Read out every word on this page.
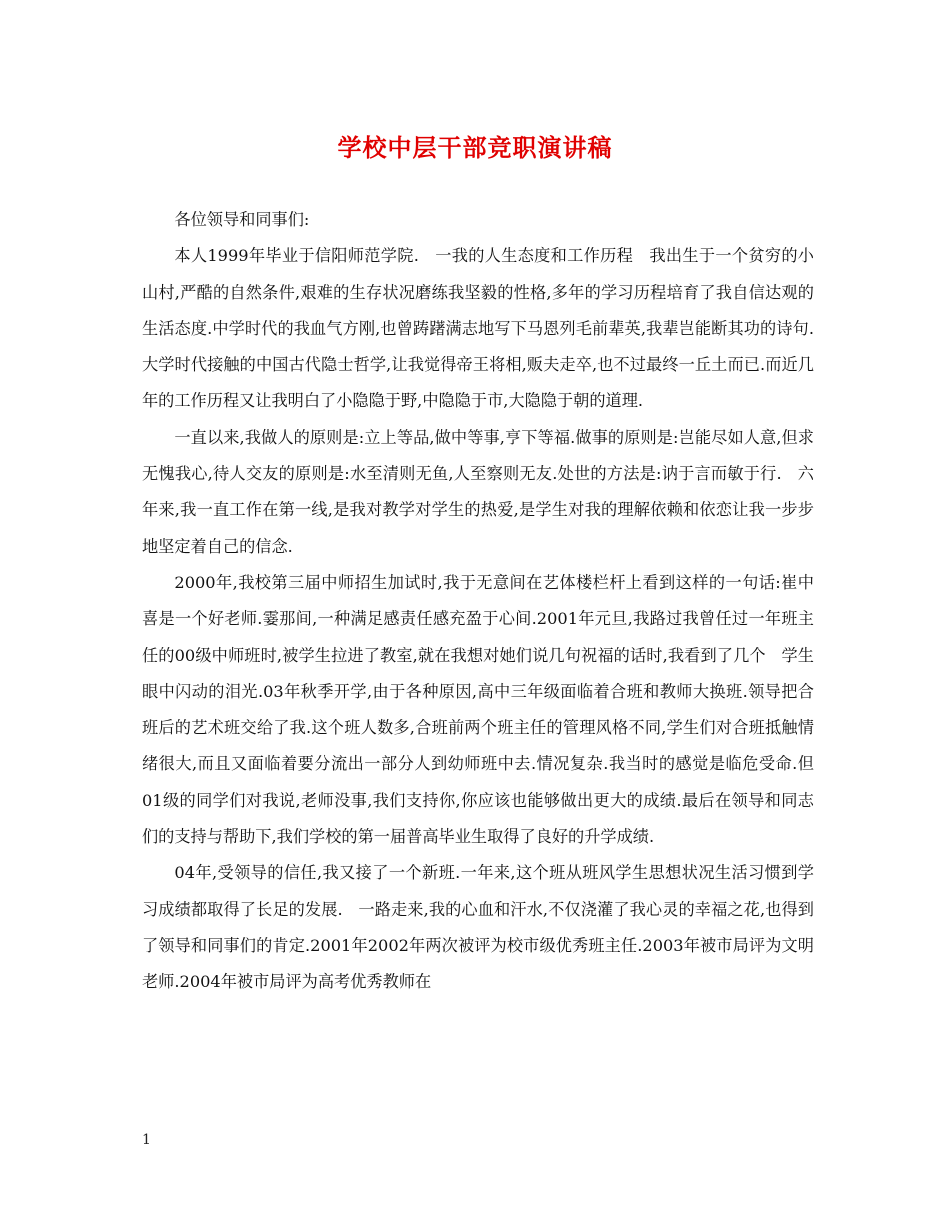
学校中层干部竞职演讲稿

各位领导和同事们:

本人1999年毕业于信阳师范学院.   一我的人生态度和工作历程   我出生于一个贫穷的小山村,严酷的自然条件,艰难的生存状况磨练我坚毅的性格,多年的学习历程培育了我自信达观的生活态度.中学时代的我血气方刚,也曾踌躇满志地写下马恩列毛前辈英,我辈岂能断其功的诗句.大学时代接触的中国古代隐士哲学,让我觉得帝王将相,贩夫走卒,也不过最终一丘土而已.而近几年的工作历程又让我明白了小隐隐于野,中隐隐于市,大隐隐于朝的道理.

一直以来,我做人的原则是:立上等品,做中等事,亨下等福.做事的原则是:岂能尽如人意,但求无愧我心,待人交友的原则是:水至清则无鱼,人至察则无友.处世的方法是:讷于言而敏于行.   六年来,我一直工作在第一线,是我对教学对学生的热爱,是学生对我的理解依赖和依恋让我一步步地坚定着自己的信念.

2000年,我校第三届中师招生加试时,我于无意间在艺体楼栏杆上看到这样的一句话:崔中喜是一个好老师.霎那间,一种满足感责任感充盈于心间.2001年元旦,我路过我曾任过一年班主任的00级中师班时,被学生拉进了教室,就在我想对她们说几句祝福的话时,我看到了几个   学生眼中闪动的泪光.03年秋季开学,由于各种原因,高中三年级面临着合班和教师大换班.领导把合班后的艺术班交给了我.这个班人数多,合班前两个班主任的管理风格不同,学生们对合班抵触情绪很大,而且又面临着要分流出一部分人到幼师班中去.情况复杂.我当时的感觉是临危受命.但01级的同学们对我说,老师没事,我们支持你,你应该也能够做出更大的成绩.最后在领导和同志们的支持与帮助下,我们学校的第一届普高毕业生取得了良好的升学成绩.

04年,受领导的信任,我又接了一个新班.一年来,这个班从班风学生思想状况生活习惯到学习成绩都取得了长足的发展.   一路走来,我的心血和汗水,不仅浇灌了我心灵的幸福之花,也得到了领导和同事们的肯定.2001年2002年两次被评为校市级优秀班主任.2003年被市局评为文明老师.2004年被市局评为高考优秀教师在

1
